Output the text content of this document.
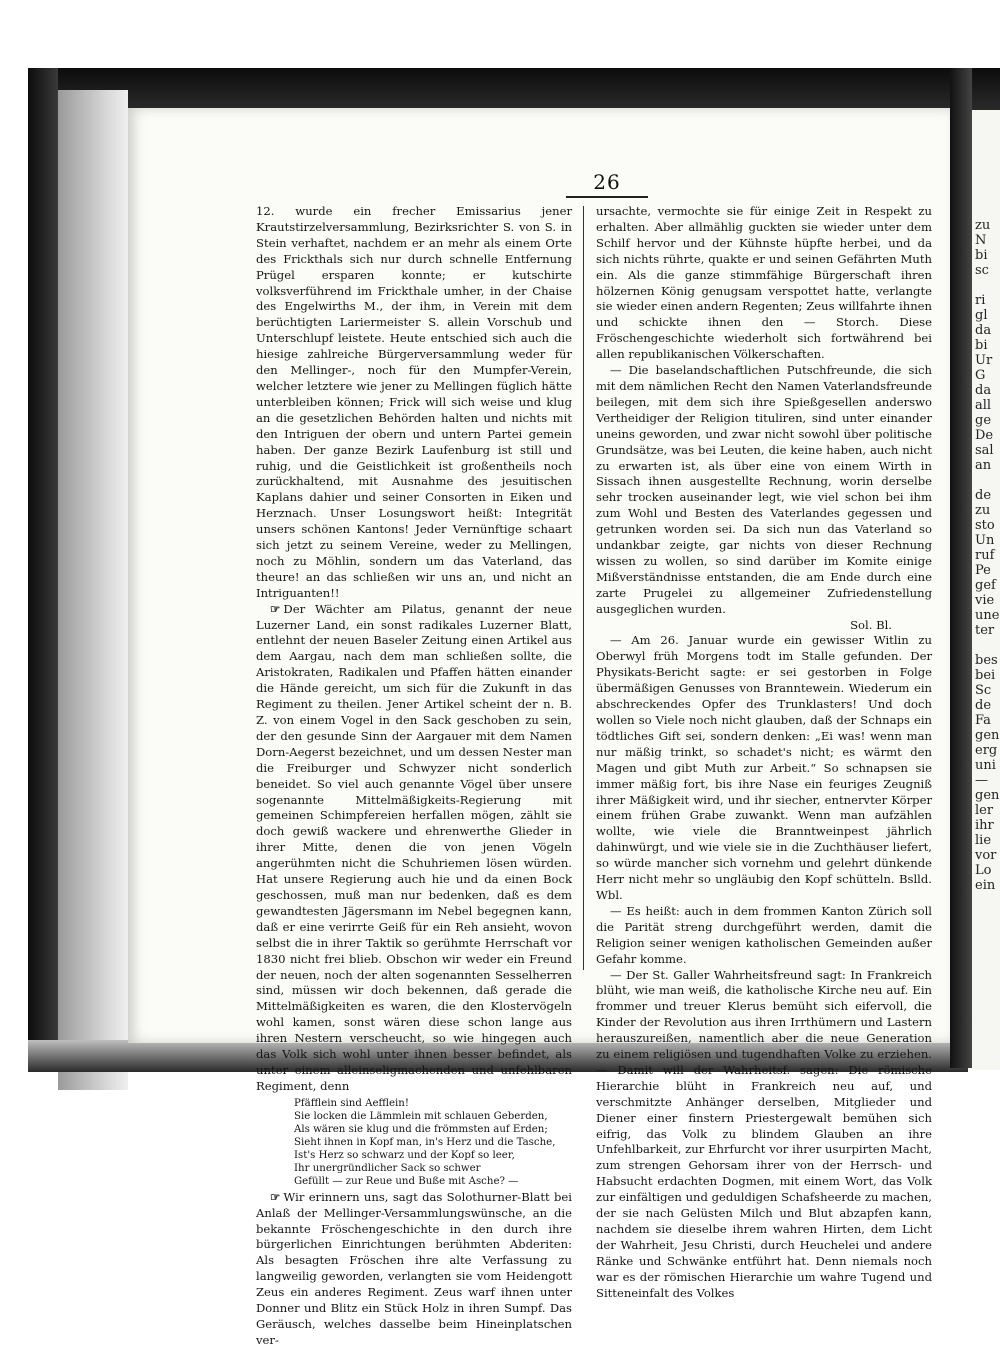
zu
N
bi
sc

ri
gl
da
bi
Ur
G
da
all
ge
De
sal
an

de
zu
sto
Un
ruf
Pe
gef
vie
une
ter

bes
bei
Sc
de
Fa
gen
erg
uni
—
gen
ler
ihr
lie
vor
Lo
ein
26

12. wurde ein frecher Emissarius jener Krautstirzelversammlung, Bezirksrichter S. von S. in Stein verhaftet, nachdem er an mehr als einem Orte des Frickthals sich nur durch schnelle Entfernung Prügel ersparen konnte; er kutschirte volksverführend im Frickthale umher, in der Chaise des Engelwirths M., der ihm, in Verein mit dem berüchtigten Lariermeister S. allein Vorschub und Unterschlupf leistete. Heute entschied sich auch die hiesige zahlreiche Bürgerversammlung weder für den Mellinger-, noch für den Mumpfer-Verein, welcher letztere wie jener zu Mellingen füglich hätte unterbleiben können; Frick will sich weise und klug an die gesetzlichen Behörden halten und nichts mit den Intriguen der obern und untern Partei gemein haben. Der ganze Bezirk Laufenburg ist still und ruhig, und die Geistlichkeit ist großentheils noch zurückhaltend, mit Ausnahme des jesuitischen Kaplans dahier und seiner Consorten in Eiken und Herznach. Unser Losungswort heißt: Integrität unsers schönen Kantons! Jeder Vernünftige schaart sich jetzt zu seinem Vereine, weder zu Mellingen, noch zu Möhlin, sondern um das Vaterland, das theure! an das schließen wir uns an, und nicht an Intriguanten!!

☞ Der Wächter am Pilatus, genannt der neue Luzerner Land, ein sonst radikales Luzerner Blatt, entlehnt der neuen Baseler Zeitung einen Artikel aus dem Aargau, nach dem man schließen sollte, die Aristokraten, Radikalen und Pfaffen hätten einander die Hände gereicht, um sich für die Zukunft in das Regiment zu theilen. Jener Artikel scheint der n. B. Z. von einem Vogel in den Sack geschoben zu sein, der den gesunde Sinn der Aargauer mit dem Namen Dorn-Aegerst bezeichnet, und um dessen Nester man die Freiburger und Schwyzer nicht sonderlich beneidet. So viel auch genannte Vögel über unsere sogenannte Mittelmäßigkeits-Regierung mit gemeinen Schimpfereien herfallen mögen, zählt sie doch gewiß wackere und ehrenwerthe Glieder in ihrer Mitte, denen die von jenen Vögeln angerühmten nicht die Schuhriemen lösen würden. Hat unsere Regierung auch hie und da einen Bock geschossen, muß man nur bedenken, daß es dem gewandtesten Jägersmann im Nebel begegnen kann, daß er eine verirrte Geiß für ein Reh ansieht, wovon selbst die in ihrer Taktik so gerühmte Herrschaft vor 1830 nicht frei blieb. Obschon wir weder ein Freund der neuen, noch der alten sogenannten Sesselherren sind, müssen wir doch bekennen, daß gerade die Mittelmäßigkeiten es waren, die den Klostervögeln wohl kamen, sonst wären diese schon lange aus ihren Nestern verscheucht, so wie hingegen auch das Volk sich wohl unter ihnen besser befindet, als unter einem alleinseligmachenden und unfehlbaren Regiment, denn

Pfäfflein sind Aefflein!
Sie locken die Lämmlein mit schlauen Geberden,
Als wären sie klug und die frömmsten auf Erden;
Sieht ihnen in Kopf man, in's Herz und die Tasche,
Ist's Herz so schwarz und der Kopf so leer,
Ihr unergründlicher Sack so schwer
Gefüllt — zur Reue und Buße mit Asche? —

☞ Wir erinnern uns, sagt das Solothurner-Blatt bei Anlaß der Mellinger-Versammlungswünsche, an die bekannte Fröschengeschichte in den durch ihre bürgerlichen Einrichtungen berühmten Abderiten: Als besagten Fröschen ihre alte Verfassung zu langweilig geworden, verlangten sie vom Heidengott Zeus ein anderes Regiment. Zeus warf ihnen unter Donner und Blitz ein Stück Holz in ihren Sumpf. Das Geräusch, welches dasselbe beim Hineinplatschen ver-

ursachte, vermochte sie für einige Zeit in Respekt zu erhalten. Aber allmählig guckten sie wieder unter dem Schilf hervor und der Kühnste hüpfte herbei, und da sich nichts rührte, quakte er und seinen Gefährten Muth ein. Als die ganze stimmfähige Bürgerschaft ihren hölzernen König genugsam verspottet hatte, verlangte sie wieder einen andern Regenten; Zeus willfahrte ihnen und schickte ihnen den — Storch. Diese Fröschengeschichte wiederholt sich fortwährend bei allen republikanischen Völkerschaften.

— Die baselandschaftlichen Putschfreunde, die sich mit dem nämlichen Recht den Namen Vaterlandsfreunde beilegen, mit dem sich ihre Spießgesellen anderswo Vertheidiger der Religion tituliren, sind unter einander uneins geworden, und zwar nicht sowohl über politische Grundsätze, was bei Leuten, die keine haben, auch nicht zu erwarten ist, als über eine von einem Wirth in Sissach ihnen ausgestellte Rechnung, worin derselbe sehr trocken auseinander legt, wie viel schon bei ihm zum Wohl und Besten des Vaterlandes gegessen und getrunken worden sei. Da sich nun das Vaterland so undankbar zeigte, gar nichts von dieser Rechnung wissen zu wollen, so sind darüber im Komite einige Mißverständnisse entstanden, die am Ende durch eine zarte Prugelei zu allgemeiner Zufriedenstellung ausgeglichen wurden.

Sol. Bl.

— Am 26. Januar wurde ein gewisser Witlin zu Oberwyl früh Morgens todt im Stalle gefunden. Der Physikats-Bericht sagte: er sei gestorben in Folge übermäßigen Genusses von Branntewein. Wiederum ein abschreckendes Opfer des Trunklasters! Und doch wollen so Viele noch nicht glauben, daß der Schnaps ein tödtliches Gift sei, sondern denken: „Ei was! wenn man nur mäßig trinkt, so schadet's nicht; es wärmt den Magen und gibt Muth zur Arbeit.“ So schnapsen sie immer mäßig fort, bis ihre Nase ein feuriges Zeugniß ihrer Mäßigkeit wird, und ihr siecher, entnervter Körper einem frühen Grabe zuwankt. Wenn man aufzählen wollte, wie viele die Branntweinpest jährlich dahinwürgt, und wie viele sie in die Zuchthäuser liefert, so würde mancher sich vornehm und gelehrt dünkende Herr nicht mehr so ungläubig den Kopf schütteln. Bslld. Wbl.

— Es heißt: auch in dem frommen Kanton Zürich soll die Parität streng durchgeführt werden, damit die Religion seiner wenigen katholischen Gemeinden außer Gefahr komme.

— Der St. Galler Wahrheitsfreund sagt: In Frankreich blüht, wie man weiß, die katholische Kirche neu auf. Ein frommer und treuer Klerus bemüht sich eifervoll, die Kinder der Revolution aus ihren Irrthümern und Lastern herauszureißen, namentlich aber die neue Generation zu einem religiösen und tugendhaften Volke zu erziehen. — Damit will der Wahrheitsf. sagen: Die römische Hierarchie blüht in Frankreich neu auf, und verschmitzte Anhänger derselben, Mitglieder und Diener einer finstern Priestergewalt bemühen sich eifrig, das Volk zu blindem Glauben an ihre Unfehlbarkeit, zur Ehrfurcht vor ihrer usurpirten Macht, zum strengen Gehorsam ihrer von der Herrsch- und Habsucht erdachten Dogmen, mit einem Wort, das Volk zur einfältigen und geduldigen Schafsheerde zu machen, der sie nach Gelüsten Milch und Blut abzapfen kann, nachdem sie dieselbe ihrem wahren Hirten, dem Licht der Wahrheit, Jesu Christi, durch Heuchelei und andere Ränke und Schwänke entführt hat. Denn niemals noch war es der römischen Hierarchie um wahre Tugend und Sitteneinfalt des Volkes
